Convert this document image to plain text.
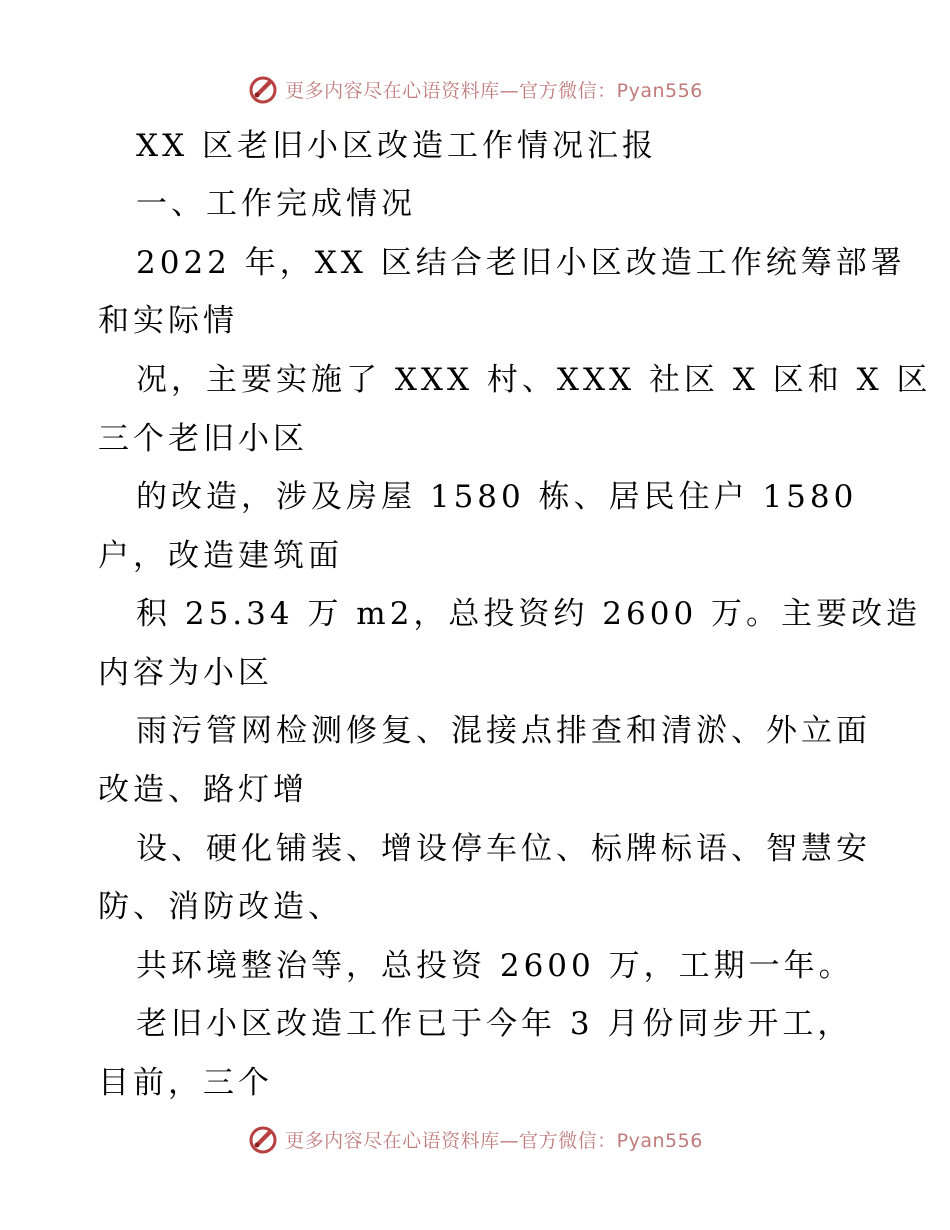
更多内容尽在心语资料库—官方微信：Pyan556
XX 区老旧小区改造工作情况汇报
一、工作完成情况
2022 年，XX 区结合老旧小区改造工作统筹部署
和实际情
况，主要实施了 XXX 村、XXX 社区 X 区和 X 区
三个老旧小区
的改造，涉及房屋 1580 栋、居民住户 1580
户，改造建筑面
积 25.34 万 m2，总投资约 2600 万。主要改造
内容为小区
雨污管网检测修复、混接点排查和清淤、外立面
改造、路灯增
设、硬化铺装、增设停车位、标牌标语、智慧安
防、消防改造、
共环境整治等，总投资 2600 万，工期一年。
老旧小区改造工作已于今年 3 月份同步开工，
目前，三个
更多内容尽在心语资料库—官方微信：Pyan556
